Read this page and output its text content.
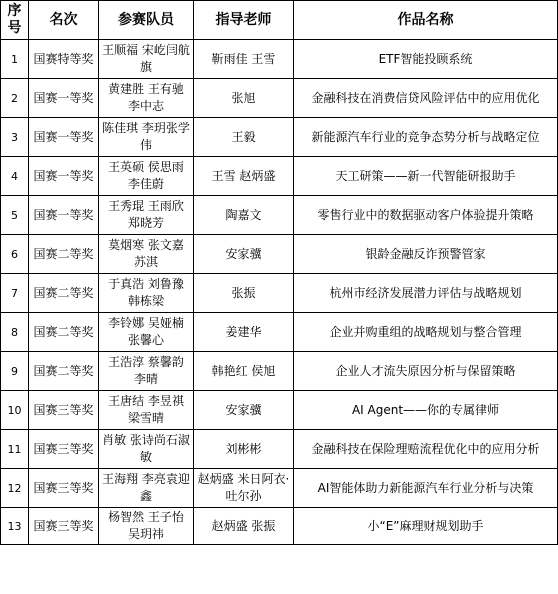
序号	名次	参赛队员	指导老师	作品名称
1	国赛特等奖	王顺福 宋屹闫航旗	靳雨佳 王雪	ETF智能投顾系统
2	国赛一等奖	黄建胜 王有驰 李中志	张旭	金融科技在消费信贷风险评估中的应用优化
3	国赛一等奖	陈佳琪 李玥张学伟	王毅	新能源汽车行业的竞争态势分析与战略定位
4	国赛一等奖	王英硕 侯思雨 李佳蔚	王雪 赵炳盛	天工研策——新一代智能研报助手
5	国赛一等奖	王秀琨 王雨欣 郑晓芳	陶嘉文	零售行业中的数据驱动客户体验提升策略
6	国赛二等奖	莫烟寒 张文嘉 苏淇	安家骥	银龄金融反诈预警管家
7	国赛二等奖	于真浩 刘鲁豫 韩栋梁	张振	杭州市经济发展潜力评估与战略规划
8	国赛二等奖	李铃娜 吴娅楠 张馨心	姜建华	企业并购重组的战略规划与整合管理
9	国赛二等奖	王浩淳 蔡馨韵 李晴	韩艳红 侯旭	企业人才流失原因分析与保留策略
10	国赛三等奖	王唐结 李昱祺 梁雪晴	安家骥	AI Agent——你的专属律师
11	国赛三等奖	肖敏 张诗尚石淑敏	刘彬彬	金融科技在保险理赔流程优化中的应用分析
12	国赛三等奖	王海翔 李亮袁迎鑫	赵炳盛 米日阿衣·吐尔孙	AI智能体助力新能源汽车行业分析与决策
13	国赛三等奖	杨智然 王子怡 吴玥祎	赵炳盛 张振	小“E”麻理财规划助手
